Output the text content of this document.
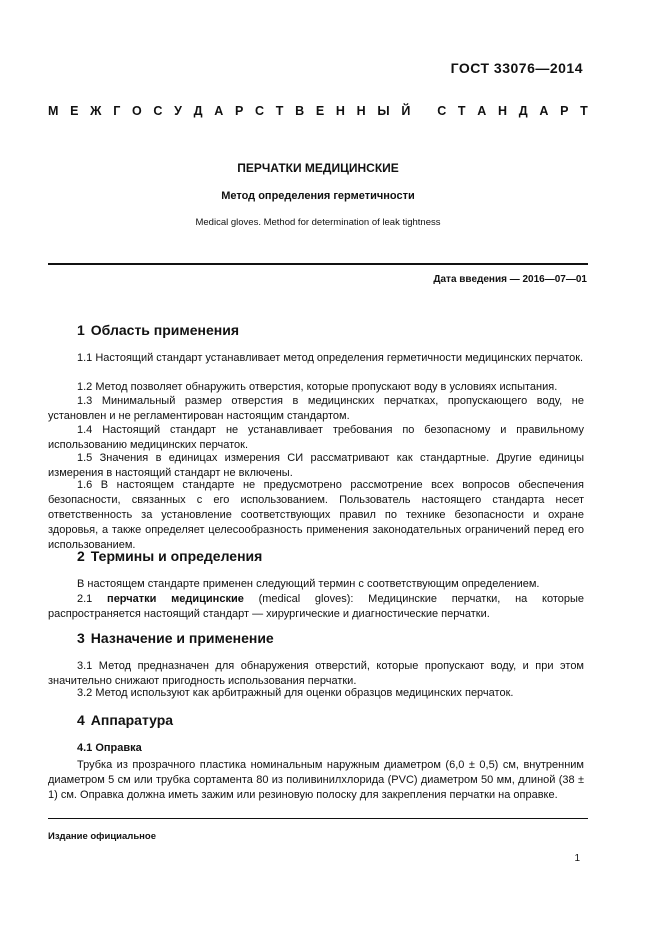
ГОСТ 33076—2014
М Е Ж Г О С У Д А Р С Т В Е Н Н Ы Й
С Т А Н Д А Р Т
ПЕРЧАТКИ МЕДИЦИНСКИЕ
Метод определения герметичности
Medical gloves. Method for determination of leak tightness
Дата введения — 2016—07—01
1 Область применения

1.1 Настоящий стандарт устанавливает метод определения герметичности медицинских перчаток.

1.2 Метод позволяет обнаружить отверстия, которые пропускают воду в условиях испытания.

1.3 Минимальный размер отверстия в медицинских перчатках, пропускающего воду, не установлен и не регламентирован настоящим стандартом.

1.4 Настоящий стандарт не устанавливает требования по безопасному и правильному использованию медицинских перчаток.

1.5 Значения в единицах измерения СИ рассматривают как стандартные. Другие единицы измерения в настоящий стандарт не включены.

1.6 В настоящем стандарте не предусмотрено рассмотрение всех вопросов обеспечения безопасности, связанных с его использованием. Пользователь настоящего стандарта несет ответственность за установление соответствующих правил по технике безопасности и охране здоровья, а также определяет целесообразность применения законодательных ограничений перед его использованием.

2 Термины и определения

В настоящем стандарте применен следующий термин с соответствующим определением.

2.1 перчатки медицинские (medical gloves): Медицинские перчатки, на которые распространяется настоящий стандарт — хирургические и диагностические перчатки.

3 Назначение и применение

3.1 Метод предназначен для обнаружения отверстий, которые пропускают воду, и при этом значительно снижают пригодность использования перчатки.

3.2 Метод используют как арбитражный для оценки образцов медицинских перчаток.

4 Аппаратура
4.1 Оправка

Трубка из прозрачного пластика номинальным наружным диаметром (6,0 ± 0,5) см, внутренним диаметром 5 см или трубка сортамента 80 из поливинилхлорида (PVC) диаметром 50 мм, длиной (38 ± 1) см. Оправка должна иметь зажим или резиновую полоску для закрепления перчатки на оправке.

Издание официальное
1
